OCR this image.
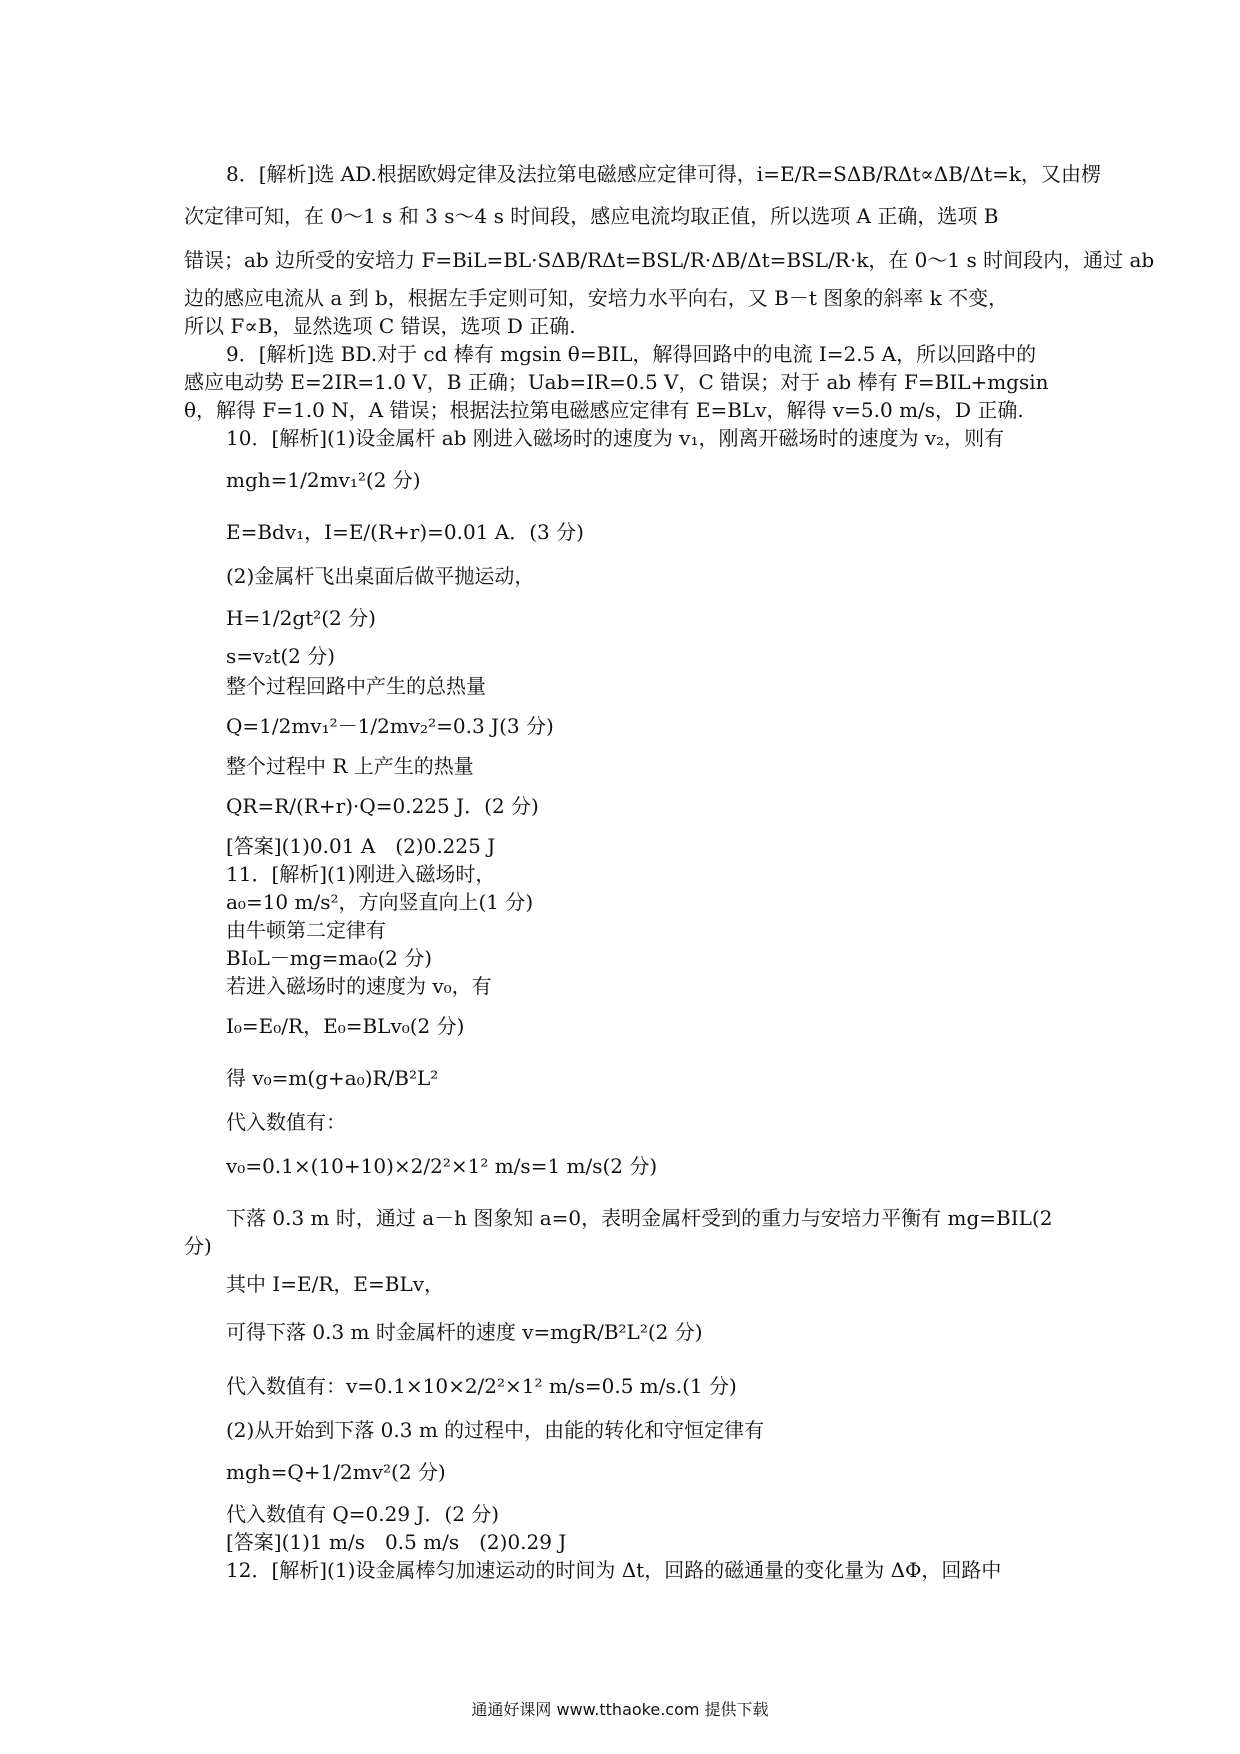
8．[解析]选 AD.根据欧姆定律及法拉第电磁感应定律可得，i=E/R=SΔB/RΔt∝ΔB/Δt=k，又由楞
次定律可知，在 0～1 s 和 3 s～4 s 时间段，感应电流均取正值，所以选项 A 正确，选项 B
错误；ab 边所受的安培力 F=BiL=BL·SΔB/RΔt=BSL/R·ΔB/Δt=BSL/R·k，在 0～1 s 时间段内，通过 ab
边的感应电流从 a 到 b，根据左手定则可知，安培力水平向右，又 B－t 图象的斜率 k 不变，
所以 F∝B，显然选项 C 错误，选项 D 正确.
9．[解析]选 BD.对于 cd 棒有 mgsin θ=BIL，解得回路中的电流 I=2.5 A，所以回路中的
感应电动势 E=2IR=1.0 V，B 正确；Uab=IR=0.5 V，C 错误；对于 ab 棒有 F=BIL+mgsin
θ，解得 F=1.0 N，A 错误；根据法拉第电磁感应定律有 E=BLv，解得 v=5.0 m/s，D 正确.
10．[解析](1)设金属杆 ab 刚进入磁场时的速度为 v₁，刚离开磁场时的速度为 v₂，则有
mgh=1/2mv₁²(2 分)
E=Bdv₁，I=E/(R+r)=0.01 A．(3 分)
(2)金属杆飞出桌面后做平抛运动，
H=1/2gt²(2 分)
s=v₂t(2 分)
整个过程回路中产生的总热量
Q=1/2mv₁²－1/2mv₂²=0.3 J(3 分)
整个过程中 R 上产生的热量
QR=R/(R+r)·Q=0.225 J．(2 分)
[答案](1)0.01 A　(2)0.225 J
11．[解析](1)刚进入磁场时，
a₀=10 m/s²，方向竖直向上(1 分)
由牛顿第二定律有
BI₀L－mg=ma₀(2 分)
若进入磁场时的速度为 v₀，有
I₀=E₀/R，E₀=BLv₀(2 分)
得 v₀=m(g+a₀)R/B²L²
代入数值有：
v₀=0.1×(10+10)×2/2²×1² m/s=1 m/s(2 分)
下落 0.3 m 时，通过 a－h 图象知 a=0，表明金属杆受到的重力与安培力平衡有 mg=BIL(2
分)
其中 I=E/R，E=BLv，
可得下落 0.3 m 时金属杆的速度 v=mgR/B²L²(2 分)
代入数值有：v=0.1×10×2/2²×1² m/s=0.5 m/s.(1 分)
(2)从开始到下落 0.3 m 的过程中，由能的转化和守恒定律有
mgh=Q+1/2mv²(2 分)
代入数值有 Q=0.29 J．(2 分)
[答案](1)1 m/s　0.5 m/s　(2)0.29 J
12．[解析](1)设金属棒匀加速运动的时间为 Δt，回路的磁通量的变化量为 ΔΦ，回路中
通通好课网 www.tthaoke.com 提供下载
